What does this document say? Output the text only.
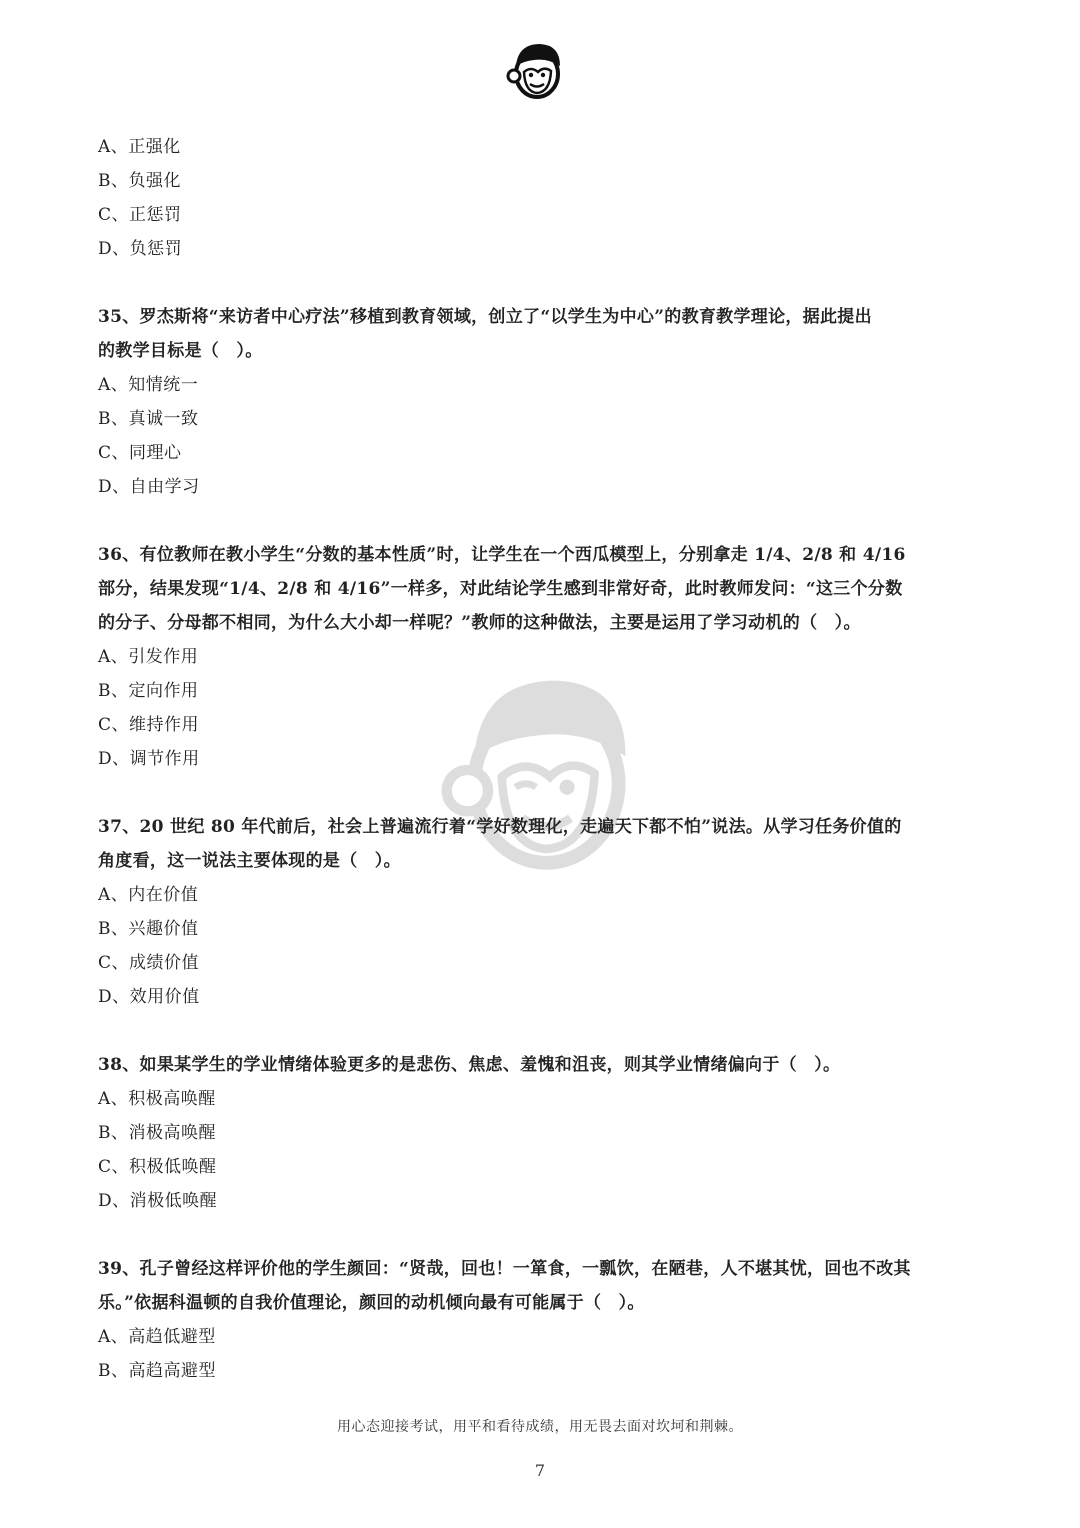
A、正强化
B、负强化
C、正惩罚
D、负惩罚
35、罗杰斯将“来访者中心疗法”移植到教育领域，创立了“以学生为中心”的教育教学理论，据此提出
的教学目标是（　）。
A、知情统一
B、真诚一致
C、同理心
D、自由学习
36、有位教师在教小学生“分数的基本性质”时，让学生在一个西瓜模型上，分别拿走 1/4、2/8 和 4/16
部分，结果发现“1/4、2/8 和 4/16”一样多，对此结论学生感到非常好奇，此时教师发问：“这三个分数
的分子、分母都不相同，为什么大小却一样呢？”教师的这种做法，主要是运用了学习动机的（　）。
A、引发作用
B、定向作用
C、维持作用
D、调节作用
37、20 世纪 80 年代前后，社会上普遍流行着“学好数理化，走遍天下都不怕”说法。从学习任务价值的
角度看，这一说法主要体现的是（　）。
A、内在价值
B、兴趣价值
C、成绩价值
D、效用价值
38、如果某学生的学业情绪体验更多的是悲伤、焦虑、羞愧和沮丧，则其学业情绪偏向于（　）。
A、积极高唤醒
B、消极高唤醒
C、积极低唤醒
D、消极低唤醒
39、孔子曾经这样评价他的学生颜回：“贤哉，回也！一箪食，一瓢饮，在陋巷，人不堪其忧，回也不改其
乐。”依据科温顿的自我价值理论，颜回的动机倾向最有可能属于（　）。
A、高趋低避型
B、高趋高避型
用心态迎接考试，用平和看待成绩，用无畏去面对坎坷和荆棘。
7
